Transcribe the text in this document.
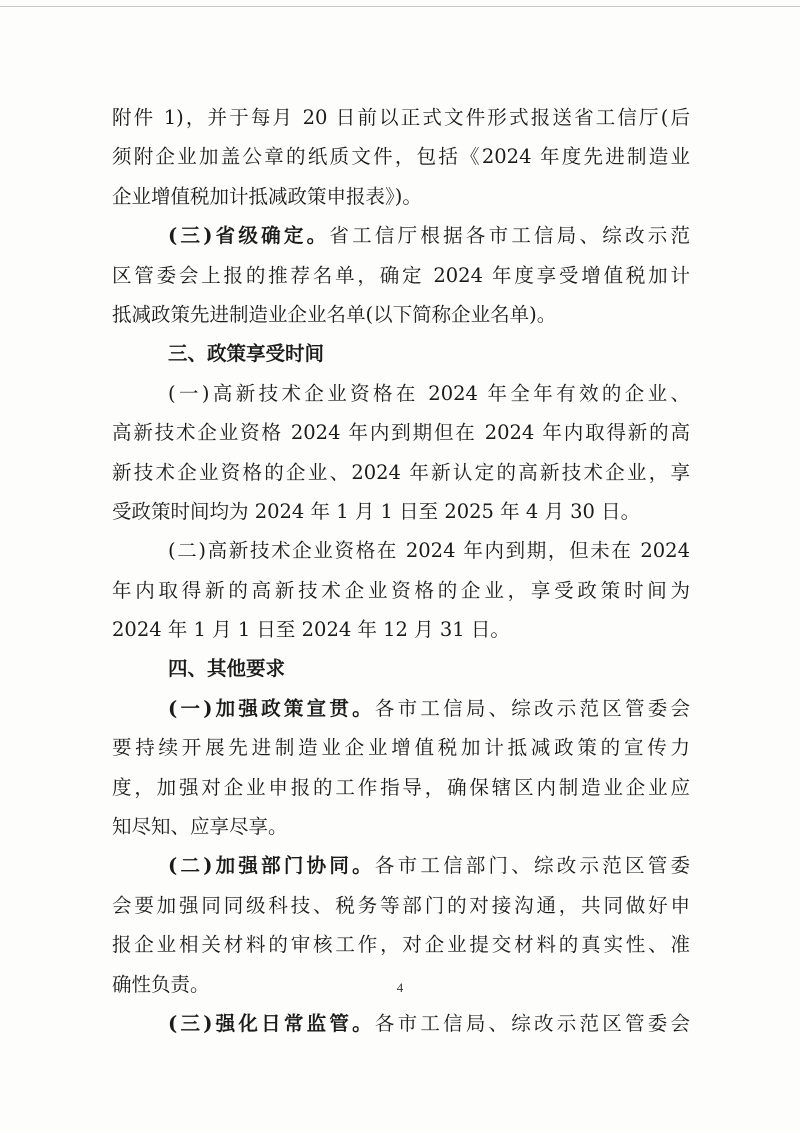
附件 1)，并于每月 20 日前以正式文件形式报送省工信厅(后
须附企业加盖公章的纸质文件，包括《2024 年度先进制造业
企业增值税加计抵减政策申报表》)。
(三)省级确定。省工信厅根据各市工信局、综改示范
区管委会上报的推荐名单，确定 2024 年度享受增值税加计
抵减政策先进制造业企业名单(以下简称企业名单)。
三、政策享受时间
(一)高新技术企业资格在 2024 年全年有效的企业、
高新技术企业资格 2024 年内到期但在 2024 年内取得新的高
新技术企业资格的企业、2024 年新认定的高新技术企业，享
受政策时间均为 2024 年 1 月 1 日至 2025 年 4 月 30 日。
(二)高新技术企业资格在 2024 年内到期，但未在 2024
年内取得新的高新技术企业资格的企业，享受政策时间为
2024 年 1 月 1 日至 2024 年 12 月 31 日。
四、其他要求
(一)加强政策宣贯。各市工信局、综改示范区管委会
要持续开展先进制造业企业增值税加计抵减政策的宣传力
度，加强对企业申报的工作指导，确保辖区内制造业企业应
知尽知、应享尽享。
(二)加强部门协同。各市工信部门、综改示范区管委
会要加强同同级科技、税务等部门的对接沟通，共同做好申
报企业相关材料的审核工作，对企业提交材料的真实性、准
确性负责。
(三)强化日常监管。各市工信局、综改示范区管委会
4
